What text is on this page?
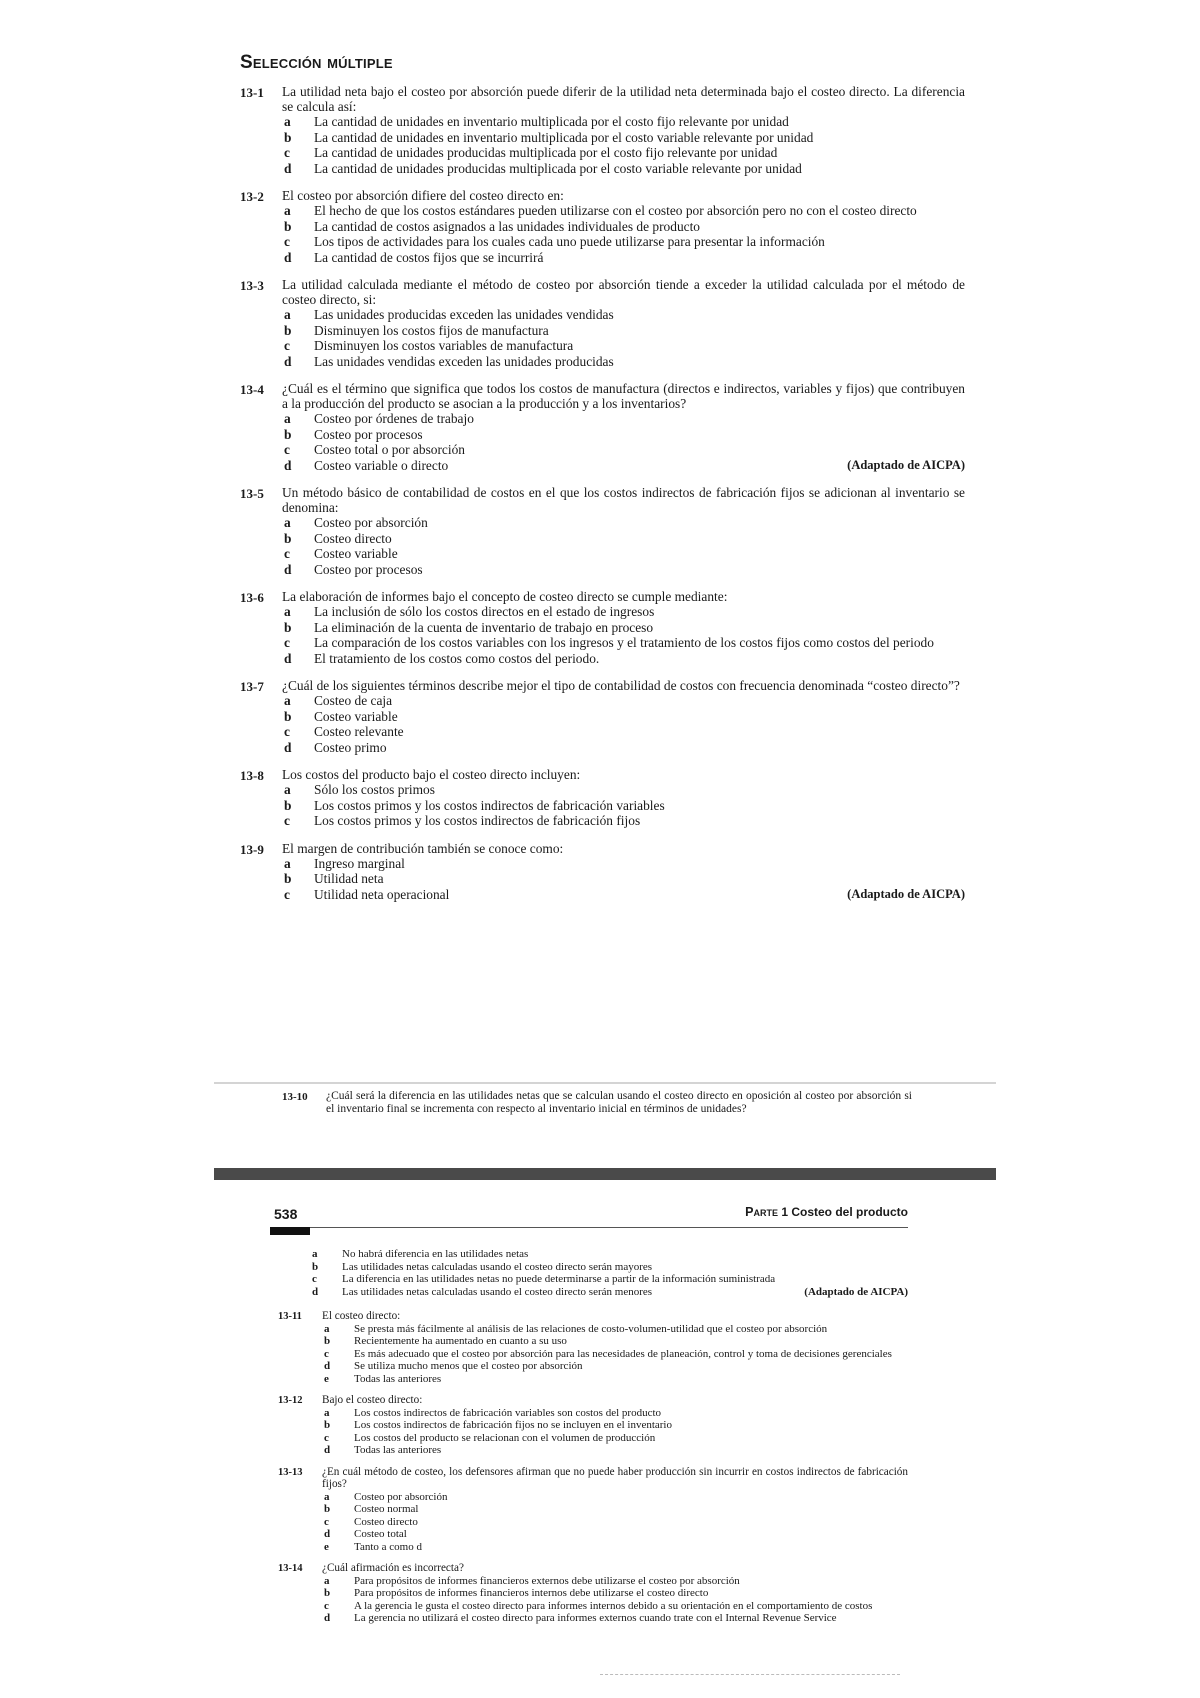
Selección múltiple
13-1	La utilidad neta bajo el costeo por absorción puede diferir de la utilidad neta determinada bajo el costeo directo. La diferencia se calcula así:
a	La cantidad de unidades en inventario multiplicada por el costo fijo relevante por unidad
b	La cantidad de unidades en inventario multiplicada por el costo variable relevante por unidad
c	La cantidad de unidades producidas multiplicada por el costo fijo relevante por unidad
d	La cantidad de unidades producidas multiplicada por el costo variable relevante por unidad
13-2	El costeo por absorción difiere del costeo directo en:
a	El hecho de que los costos estándares pueden utilizarse con el costeo por absorción pero no con el costeo directo
b	La cantidad de costos asignados a las unidades individuales de producto
c	Los tipos de actividades para los cuales cada uno puede utilizarse para presentar la información
d	La cantidad de costos fijos que se incurrirá
13-3	La utilidad calculada mediante el método de costeo por absorción tiende a exceder la utilidad calculada por el método de costeo directo, si:
a	Las unidades producidas exceden las unidades vendidas
b	Disminuyen los costos fijos de manufactura
c	Disminuyen los costos variables de manufactura
d	Las unidades vendidas exceden las unidades producidas
13-4	¿Cuál es el término que significa que todos los costos de manufactura (directos e indirectos, variables y fijos) que contribuyen a la producción del producto se asocian a la producción y a los inventarios?
a	Costeo por órdenes de trabajo
b	Costeo por procesos
c	Costeo total o por absorción
d	Costeo variable o directo	(Adaptado de AICPA)
13-5	Un método básico de contabilidad de costos en el que los costos indirectos de fabricación fijos se adicionan al inventario se denomina:
a	Costeo por absorción
b	Costeo directo
c	Costeo variable
d	Costeo por procesos
13-6	La elaboración de informes bajo el concepto de costeo directo se cumple mediante:
a	La inclusión de sólo los costos directos en el estado de ingresos
b	La eliminación de la cuenta de inventario de trabajo en proceso
c	La comparación de los costos variables con los ingresos y el tratamiento de los costos fijos como costos del periodo
d	El tratamiento de los costos como costos del periodo.
13-7	¿Cuál de los siguientes términos describe mejor el tipo de contabilidad de costos con frecuencia denominada “costeo directo”?
a	Costeo de caja
b	Costeo variable
c	Costeo relevante
d	Costeo primo
13-8	Los costos del producto bajo el costeo directo incluyen:
a	Sólo los costos primos
b	Los costos primos y los costos indirectos de fabricación variables
c	Los costos primos y los costos indirectos de fabricación fijos
13-9	El margen de contribución también se conoce como:
a	Ingreso marginal
b	Utilidad neta
c	Utilidad neta operacional	(Adaptado de AICPA)
13-10	¿Cuál será la diferencia en las utilidades netas que se calculan usando el costeo directo en oposición al costeo por absorción si el inventario final se incrementa con respecto al inventario inicial en términos de unidades?
538	Parte 1 Costeo del producto
a	No habrá diferencia en las utilidades netas
b	Las utilidades netas calculadas usando el costeo directo serán mayores
c	La diferencia en las utilidades netas no puede determinarse a partir de la información suministrada
d	Las utilidades netas calculadas usando el costeo directo serán menores	(Adaptado de AICPA)
13-11	El costeo directo:
a	Se presta más fácilmente al análisis de las relaciones de costo-volumen-utilidad que el costeo por absorción
b	Recientemente ha aumentado en cuanto a su uso
c	Es más adecuado que el costeo por absorción para las necesidades de planeación, control y toma de decisiones gerenciales
d	Se utiliza mucho menos que el costeo por absorción
e	Todas las anteriores
13-12	Bajo el costeo directo:
a	Los costos indirectos de fabricación variables son costos del producto
b	Los costos indirectos de fabricación fijos no se incluyen en el inventario
c	Los costos del producto se relacionan con el volumen de producción
d	Todas las anteriores
13-13	¿En cuál método de costeo, los defensores afirman que no puede haber producción sin incurrir en costos indirectos de fabricación fijos?
a	Costeo por absorción
b	Costeo normal
c	Costeo directo
d	Costeo total
e	Tanto a como d
13-14	¿Cuál afirmación es incorrecta?
a	Para propósitos de informes financieros externos debe utilizarse el costeo por absorción
b	Para propósitos de informes financieros internos debe utilizarse el costeo directo
c	A la gerencia le gusta el costeo directo para informes internos debido a su orientación en el comportamiento de costos
d	La gerencia no utilizará el costeo directo para informes externos cuando trate con el Internal Revenue Service
